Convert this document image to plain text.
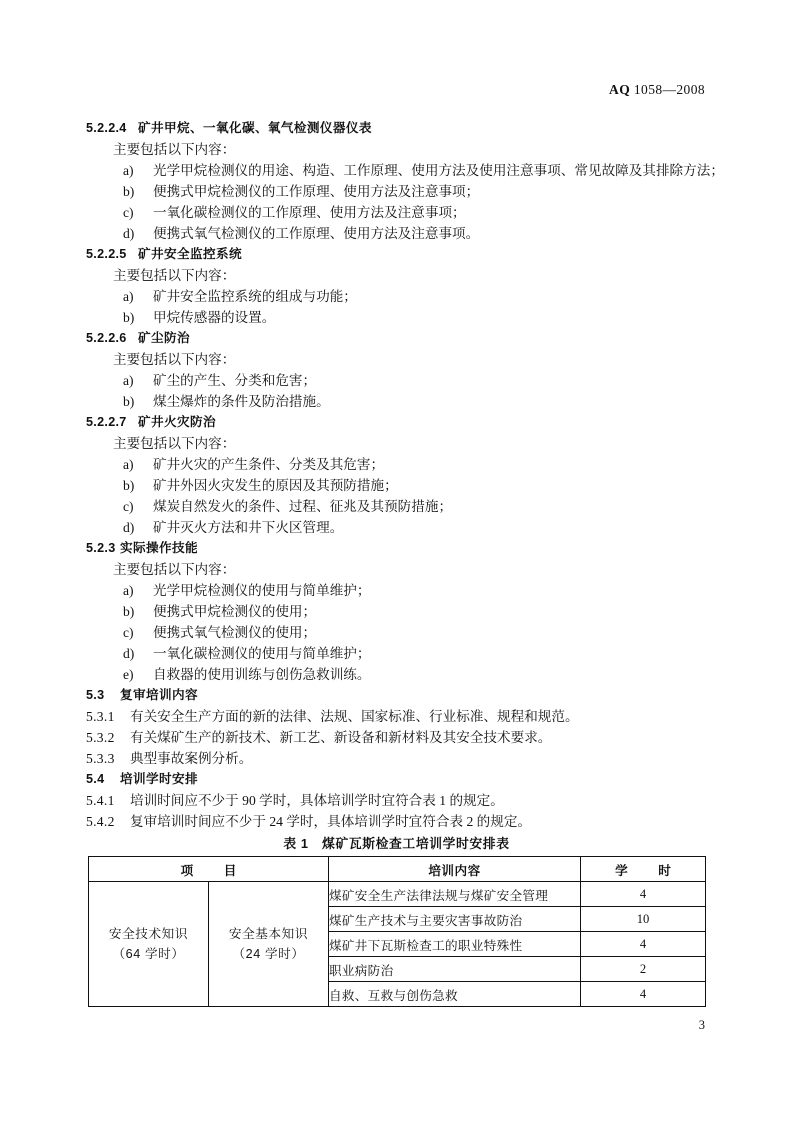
AQ 1058—2008

5.2.2.4 矿井甲烷、一氧化碳、氧气检测仪器仪表

主要包括以下内容：

a) 光学甲烷检测仪的用途、构造、工作原理、使用方法及使用注意事项、常见故障及其排除方法；
b) 便携式甲烷检测仪的工作原理、使用方法及注意事项；
c) 一氧化碳检测仪的工作原理、使用方法及注意事项；
d) 便携式氧气检测仪的工作原理、使用方法及注意事项。

5.2.2.5 矿井安全监控系统

主要包括以下内容：

a) 矿井安全监控系统的组成与功能；
b) 甲烷传感器的设置。

5.2.2.6 矿尘防治

主要包括以下内容：

a) 矿尘的产生、分类和危害；
b) 煤尘爆炸的条件及防治措施。

5.2.2.7 矿井火灾防治

主要包括以下内容：

a) 矿井火灾的产生条件、分类及其危害；
b) 矿井外因火灾发生的原因及其预防措施；
c) 煤炭自然发火的条件、过程、征兆及其预防措施；
d) 矿井灭火方法和井下火区管理。

5.2.3 实际操作技能

主要包括以下内容：

a) 光学甲烷检测仪的使用与简单维护；
b) 便携式甲烷检测仪的使用；
c) 便携式氧气检测仪的使用；
d) 一氧化碳检测仪的使用与简单维护；
e) 自救器的使用训练与创伤急救训练。

5.3 复审培训内容

5.3.1 有关安全生产方面的新的法律、法规、国家标准、行业标准、规程和规范。

5.3.2 有关煤矿生产的新技术、新工艺、新设备和新材料及其安全技术要求。

5.3.3 典型事故案例分析。

5.4 培训学时安排

5.4.1 培训时间应不少于 90 学时，具体培训学时宜符合表 1 的规定。

5.4.2 复审培训时间应不少于 24 学时，具体培训学时宜符合表 2 的规定。

表 1　煤矿瓦斯检查工培训学时安排表
项　目		培训内容	学　时

安全技术知识
（64 学时）

安全基本知识
（24 学时）
	煤矿安全生产法律法规与煤矿安全管理	4
		煤矿生产技术与主要灾害事故防治	10
		煤矿井下瓦斯检查工的职业特殊性	4
		职业病防治	2
		自救、互救与创伤急救	4
3
